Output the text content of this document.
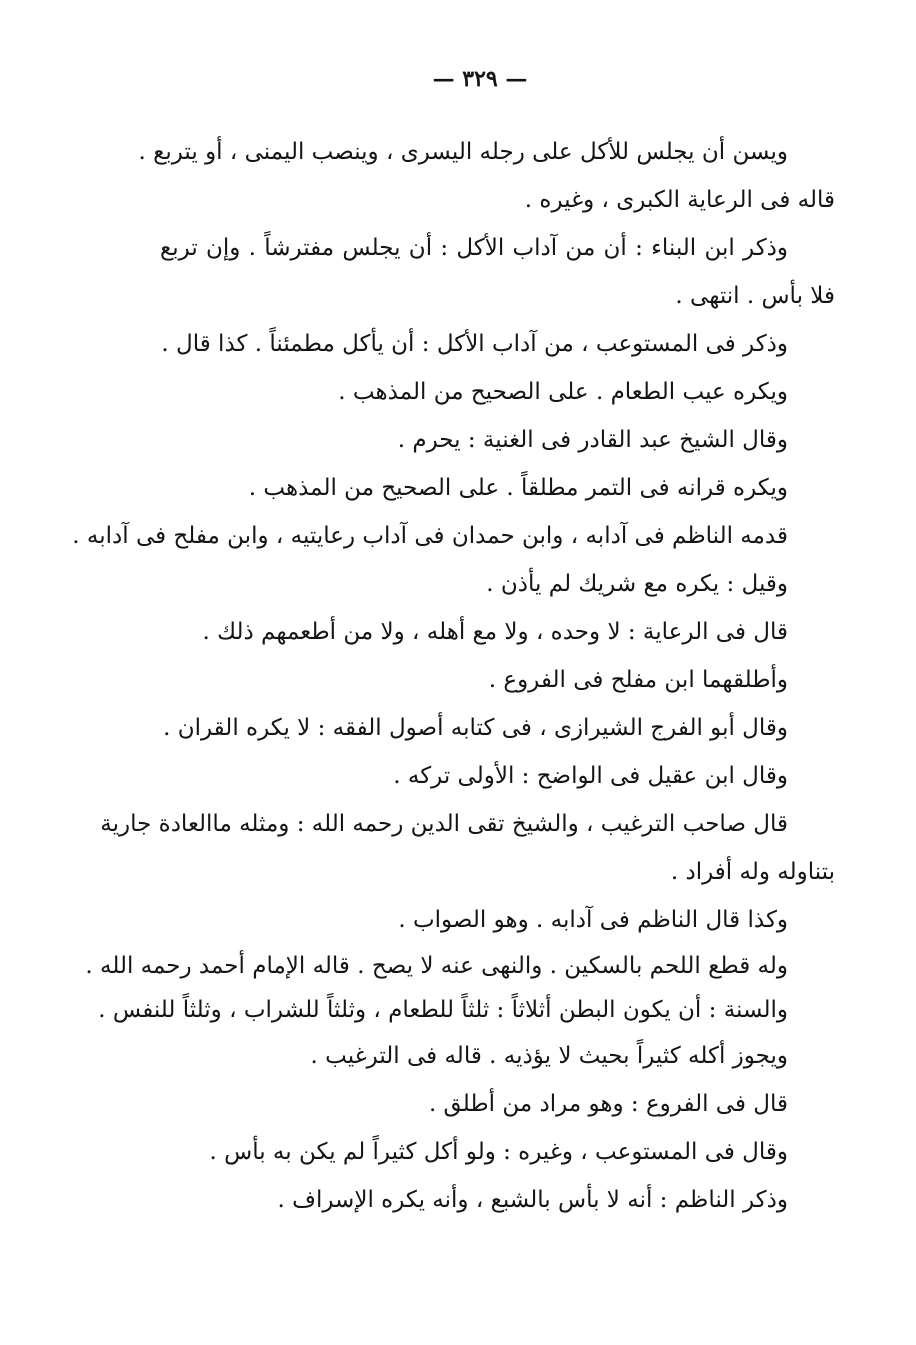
— ٣٢٩ —
ويسن أن يجلس للأكل على رجله اليسرى ، وينصب اليمنى ، أو يتربع .
قاله فى الرعاية الكبرى ، وغيره .
وذكر ابن البناء : أن من آداب الأكل : أن يجلس مفترشاً . وإن تربع
فلا بأس . انتهى .
وذكر فى المستوعب ، من آداب الأكل : أن يأكل مطمئناً . كذا قال .
ويكره عيب الطعام . على الصحيح من المذهب .
وقال الشيخ عبد القادر فى الغنية : يحرم .
ويكره قرانه فى التمر مطلقاً . على الصحيح من المذهب .
قدمه الناظم فى آدابه ، وابن حمدان فى آداب رعايتيه ، وابن مفلح فى آدابه .
وقيل : يكره مع شريك لم يأذن .
قال فى الرعاية : لا وحده ، ولا مع أهله ، ولا من أطعمهم ذلك .
وأطلقهما ابن مفلح فى الفروع .
وقال أبو الفرج الشيرازى ، فى كتابه أصول الفقه : لا يكره القران .
وقال ابن عقيل فى الواضح : الأولى تركه .
قال صاحب الترغيب ، والشيخ تقى الدين رحمه الله : ومثله ماالعادة جارية
بتناوله وله أفراد .
وكذا قال الناظم فى آدابه . وهو الصواب .
وله قطع اللحم بالسكين . والنهى عنه لا يصح . قاله الإمام أحمد رحمه الله .
والسنة : أن يكون البطن أثلاثاً : ثلثاً للطعام ، وثلثاً للشراب ، وثلثاً للنفس .
ويجوز أكله كثيراً بحيث لا يؤذيه . قاله فى الترغيب .
قال فى الفروع : وهو مراد من أطلق .
وقال فى المستوعب ، وغيره : ولو أكل كثيراً لم يكن به بأس .
وذكر الناظم : أنه لا بأس بالشبع ، وأنه يكره الإسراف .
